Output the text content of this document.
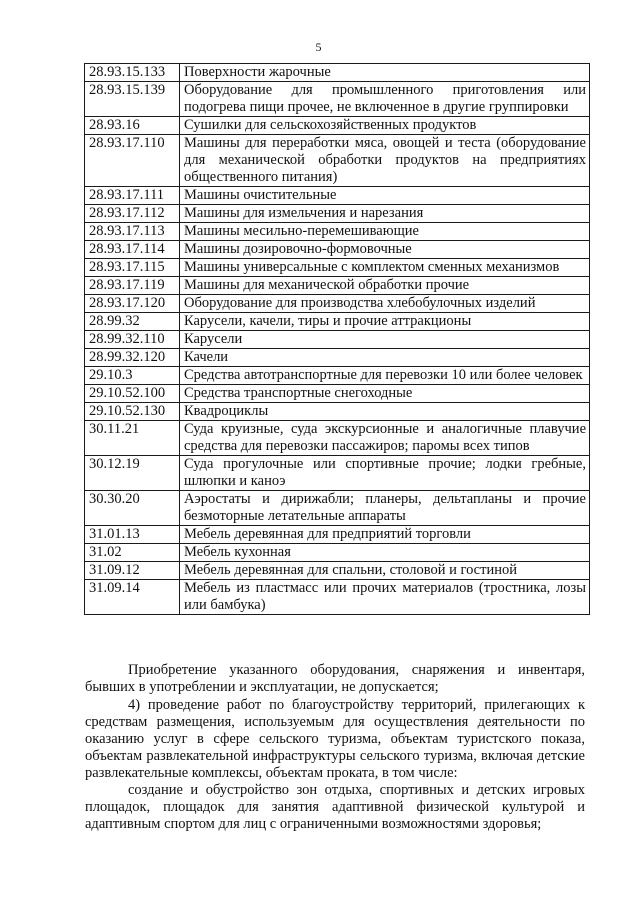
5
28.93.15.133	Поверхности жарочные
28.93.15.139	Оборудование для промышленного приготовления или подогрева пищи прочее, не включенное в другие группировки
28.93.16	Сушилки для сельскохозяйственных продуктов
28.93.17.110	Машины для переработки мяса, овощей и теста (оборудование для механической обработки продуктов на предприятиях общественного питания)
28.93.17.111	Машины очистительные
28.93.17.112	Машины для измельчения и нарезания
28.93.17.113	Машины месильно-перемешивающие
28.93.17.114	Машины дозировочно-формовочные
28.93.17.115	Машины универсальные с комплектом сменных механизмов
28.93.17.119	Машины для механической обработки прочие
28.93.17.120	Оборудование для производства хлебобулочных изделий
28.99.32	Карусели, качели, тиры и прочие аттракционы
28.99.32.110	Карусели
28.99.32.120	Качели
29.10.3	Средства автотранспортные для перевозки 10 или более человек
29.10.52.100	Средства транспортные снегоходные
29.10.52.130	Квадроциклы
30.11.21	Суда круизные, суда экскурсионные и аналогичные плавучие средства для перевозки пассажиров; паромы всех типов
30.12.19	Суда прогулочные или спортивные прочие; лодки гребные, шлюпки и каноэ
30.30.20	Аэростаты и дирижабли; планеры, дельтапланы и прочие безмоторные летательные аппараты
31.01.13	Мебель деревянная для предприятий торговли
31.02	Мебель кухонная
31.09.12	Мебель деревянная для спальни, столовой и гостиной
31.09.14	Мебель из пластмасс или прочих материалов (тростника, лозы или бамбука)

Приобретение указанного оборудования, снаряжения и инвентаря, бывших в употреблении и эксплуатации, не допускается;

4) проведение работ по благоустройству территорий, прилегающих к средствам размещения, используемым для осуществления деятельности по оказанию услуг в сфере сельского туризма, объектам туристского показа, объектам развлекательной инфраструктуры сельского туризма, включая детские развлекательные комплексы, объектам проката, в том числе:

создание и обустройство зон отдыха, спортивных и детских игровых площадок, площадок для занятия адаптивной физической культурой и адаптивным спортом для лиц с ограниченными возможностями здоровья;
